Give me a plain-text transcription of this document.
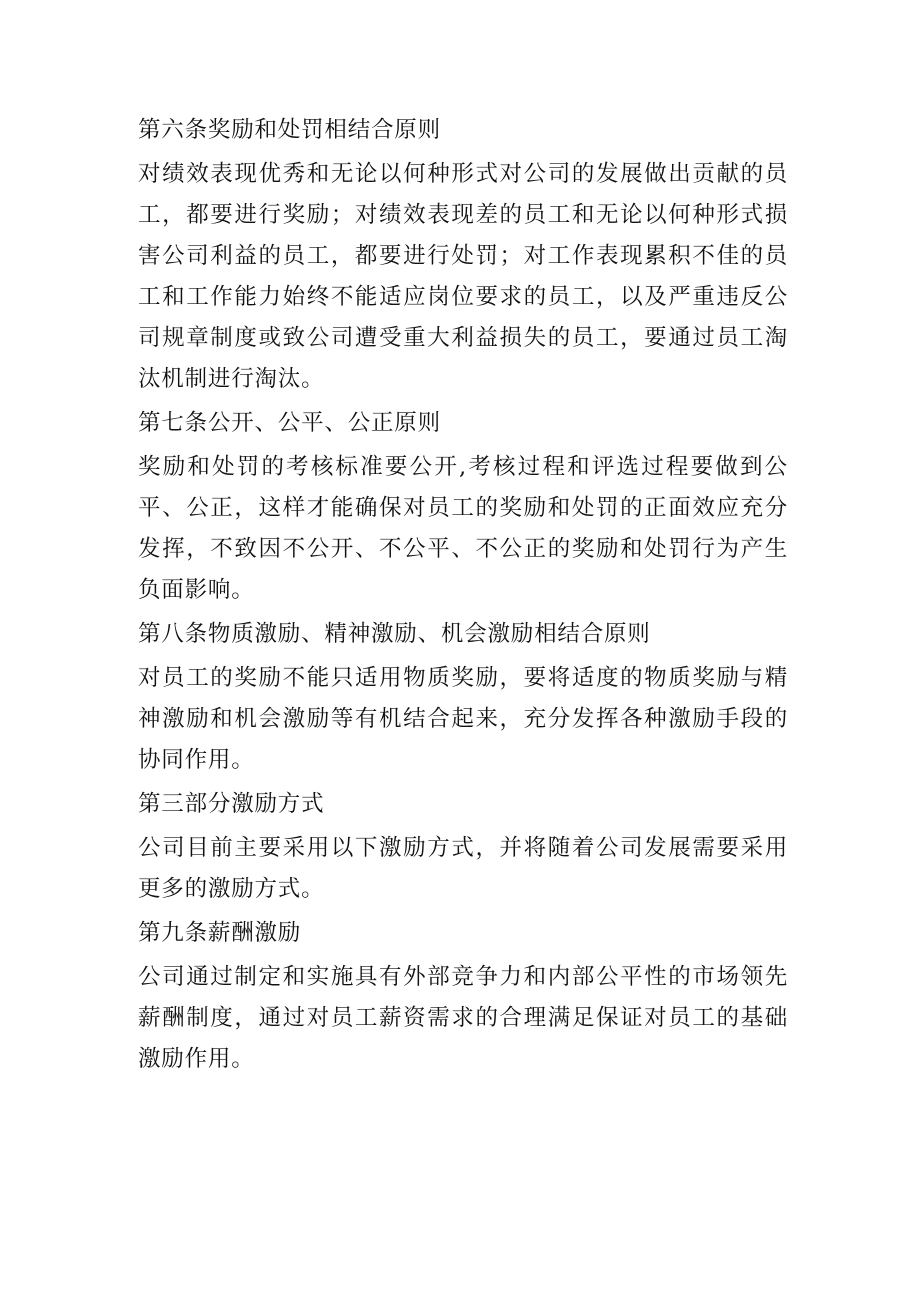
第六条奖励和处罚相结合原则

对绩效表现优秀和无论以何种形式对公司的发展做出贡献的员工，都要进行奖励；对绩效表现差的员工和无论以何种形式损害公司利益的员工，都要进行处罚；对工作表现累积不佳的员工和工作能力始终不能适应岗位要求的员工，以及严重违反公司规章制度或致公司遭受重大利益损失的员工，要通过员工淘汰机制进行淘汰。

第七条公开、公平、公正原则

奖励和处罚的考核标准要公开,考核过程和评选过程要做到公平、公正，这样才能确保对员工的奖励和处罚的正面效应充分发挥，不致因不公开、不公平、不公正的奖励和处罚行为产生负面影响。

第八条物质激励、精神激励、机会激励相结合原则

对员工的奖励不能只适用物质奖励，要将适度的物质奖励与精神激励和机会激励等有机结合起来，充分发挥各种激励手段的协同作用。

第三部分激励方式

公司目前主要采用以下激励方式，并将随着公司发展需要采用更多的激励方式。

第九条薪酬激励

公司通过制定和实施具有外部竞争力和内部公平性的市场领先薪酬制度，通过对员工薪资需求的合理满足保证对员工的基础激励作用。
